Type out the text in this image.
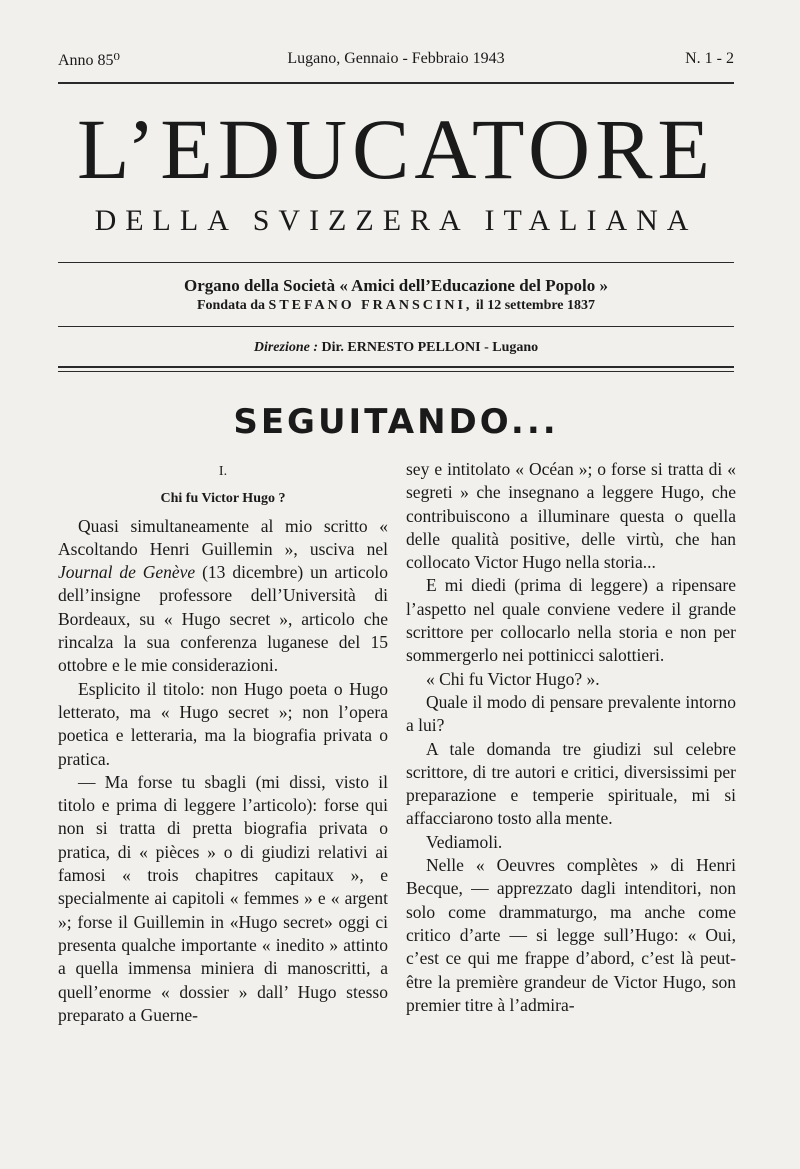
Anno 85⁰	Lugano, Gennaio - Febbraio 1943	N. 1 - 2
L’EDUCATORE
DELLA SVIZZERA ITALIANA
Organo della Società « Amici dell’Educazione del Popolo »
Fondata da STEFANO FRANSCINI, il 12 settembre 1837
Direzione : Dir. ERNESTO PELLONI - Lugano
SEGUITANDO...

I.

Chi fu Victor Hugo ?

Quasi simultaneamente al mio scritto « Ascoltando Henri Guillemin », usciva nel Journal de Genève (13 dicembre) un articolo dell’insigne professore dell’Università di Bordeaux, su « Hugo secret », articolo che rincalza la sua conferenza luganese del 15 ottobre e le mie considerazioni.

Esplicito il titolo: non Hugo poeta o Hugo letterato, ma « Hugo secret »; non l’opera poetica e letteraria, ma la biografia privata o pratica.

— Ma forse tu sbagli (mi dissi, visto il titolo e prima di leggere l’articolo): forse qui non si tratta di pretta biografia privata o pratica, di « pièces » o di giudizi relativi ai famosi « trois chapitres capitaux », e specialmente ai capitoli « femmes » e « argent »; forse il Guillemin in «Hugo secret» oggi ci presenta qualche importante « inedito » attinto a quella immensa miniera di manoscritti, a quell’enorme « dossier » dall’ Hugo stesso preparato a Guerne-

sey e intitolato « Océan »; o forse si tratta di « segreti » che insegnano a leggere Hugo, che contribuiscono a illuminare questa o quella delle qualità positive, delle virtù, che han collocato Victor Hugo nella storia...

E mi diedi (prima di leggere) a ripensare l’aspetto nel quale conviene vedere il grande scrittore per collocarlo nella storia e non per sommergerlo nei pottinicci salottieri.

« Chi fu Victor Hugo? ».

Quale il modo di pensare prevalente intorno a lui?

A tale domanda tre giudizi sul celebre scrittore, di tre autori e critici, diversissimi per preparazione e temperie spirituale, mi si affacciarono tosto alla mente.

Vediamoli.

Nelle « Oeuvres complètes » di Henri Becque, — apprezzato dagli intenditori, non solo come drammaturgo, ma anche come critico d’arte — si legge sull’Hugo: « Oui, c’est ce qui me frappe d’abord, c’est là peut-être la première grandeur de Victor Hugo, son premier titre à l’admira-
